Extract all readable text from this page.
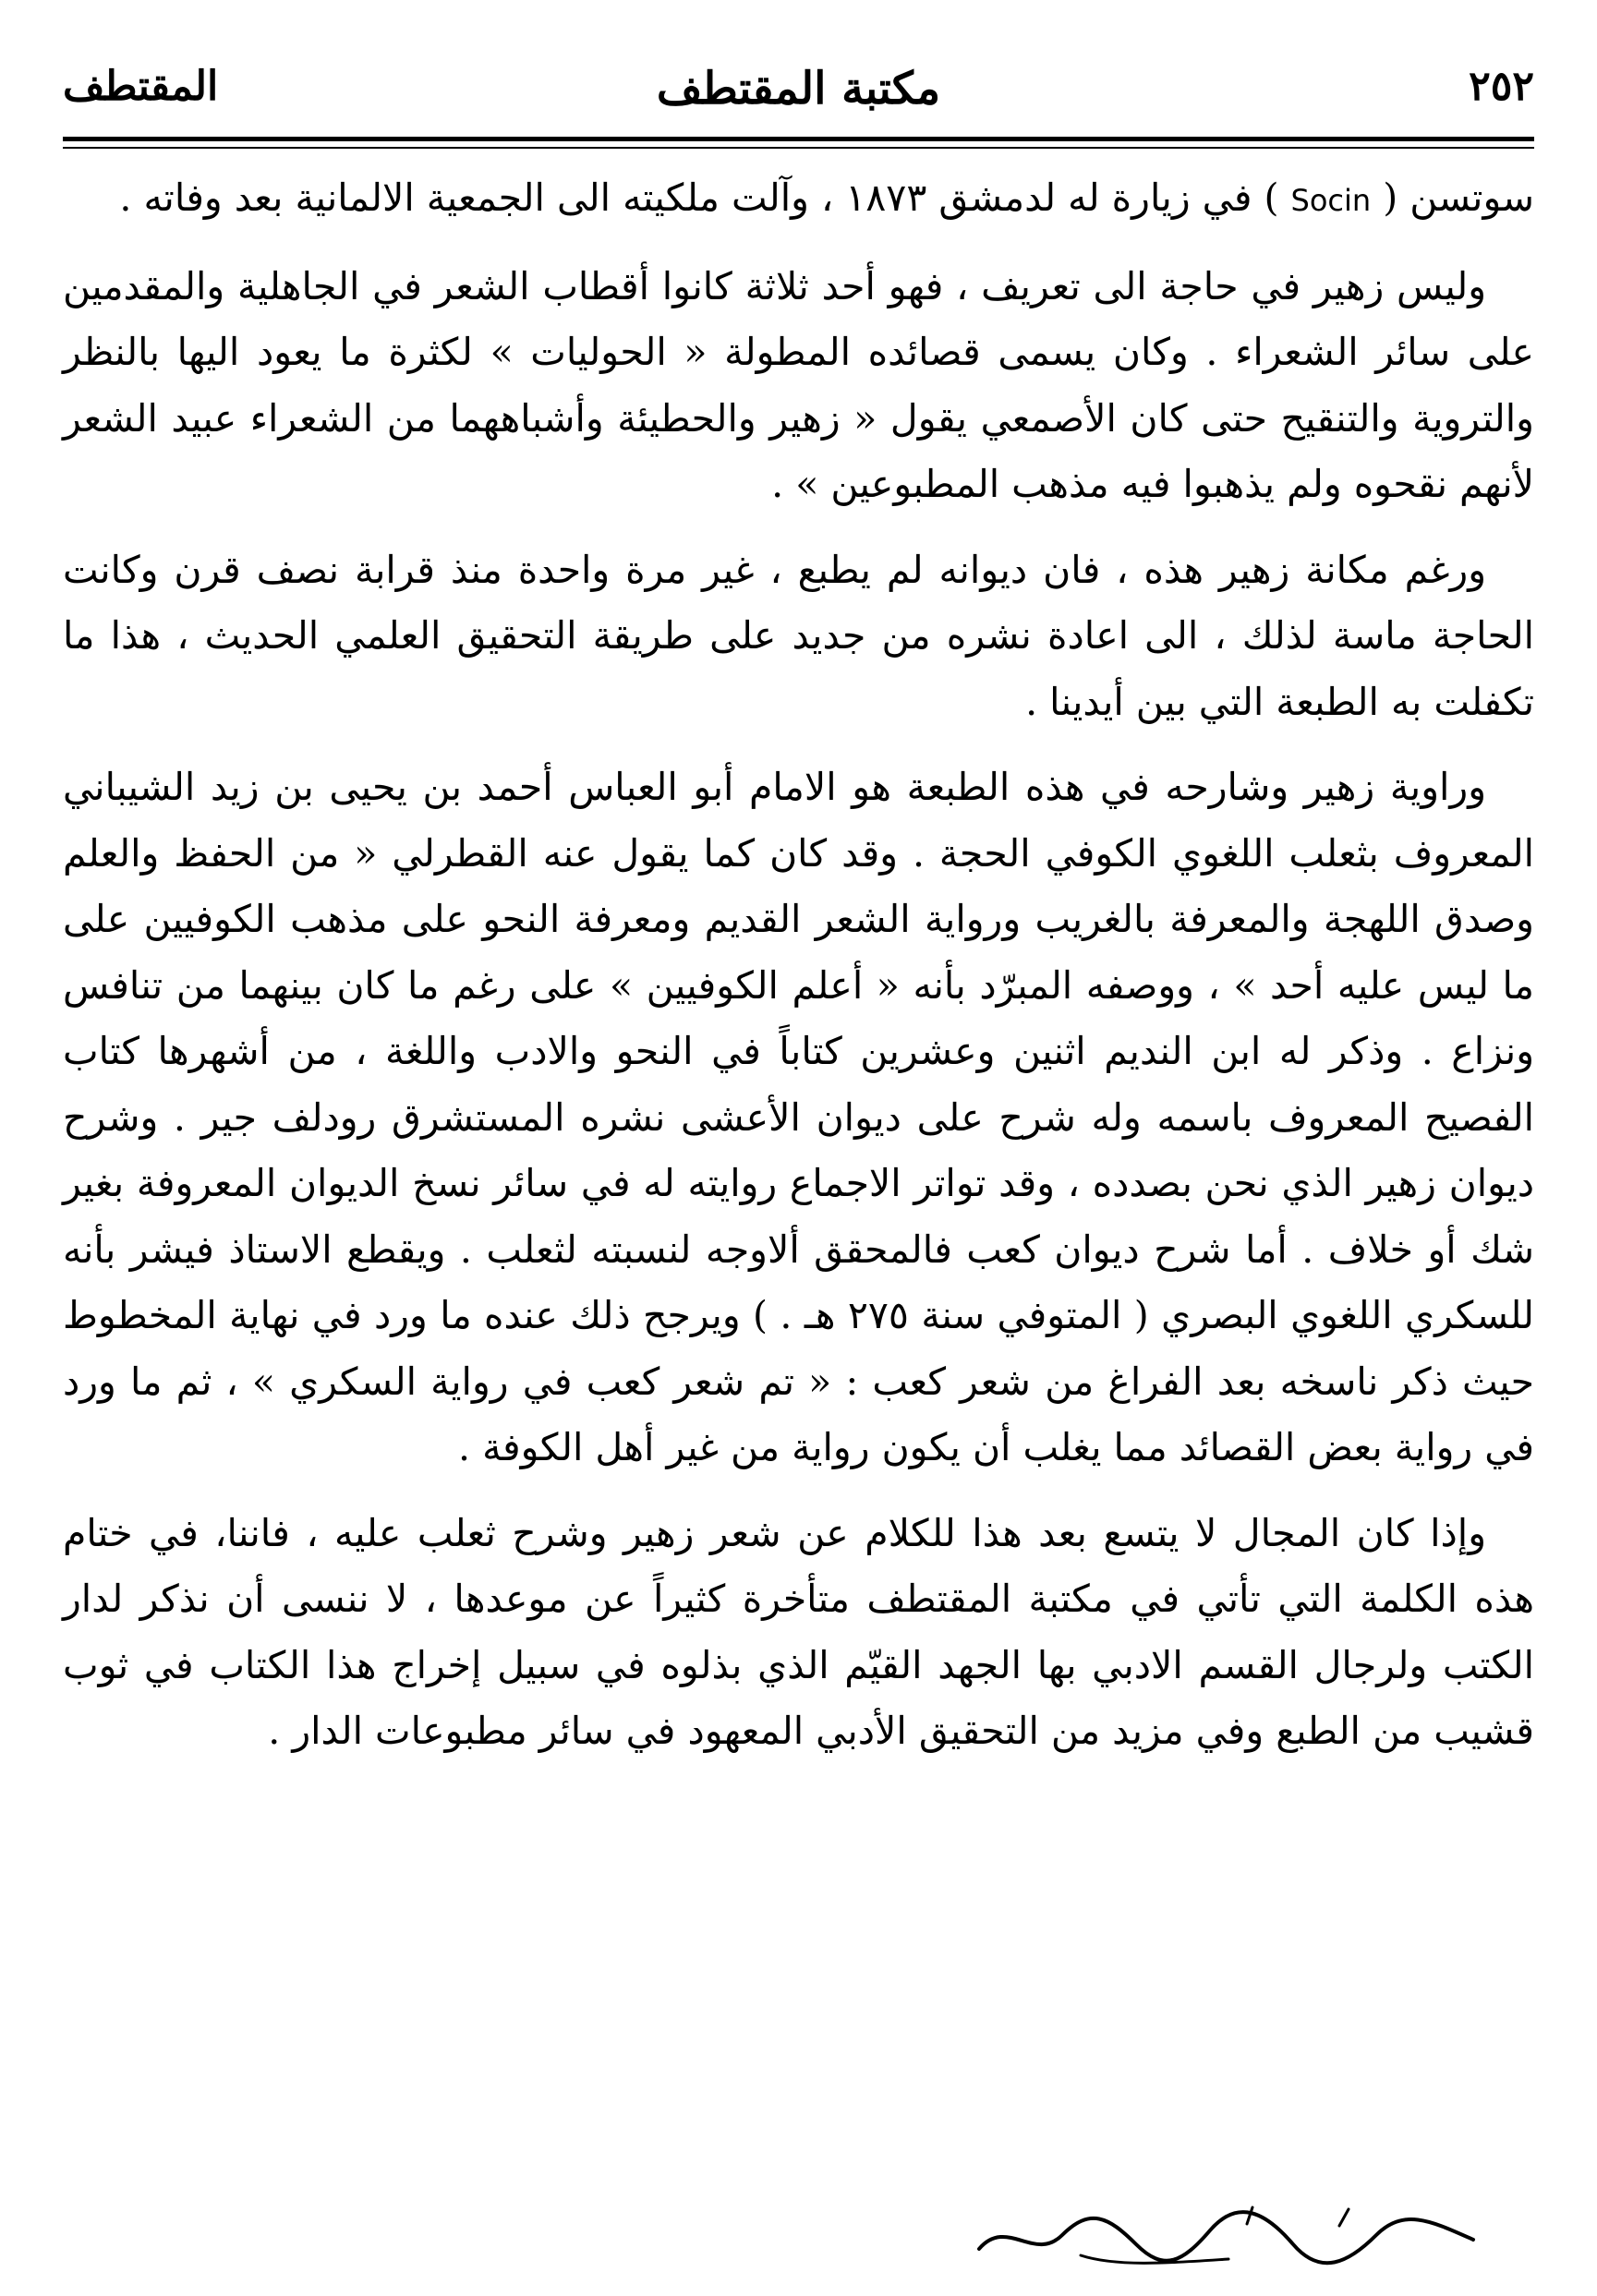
٢٥٢
مكتبة المقتطف
المقتطف

سوتسن ( Socin ) في زيارة له لدمشق ١٨٧٣ ، وآلت ملكيته الى الجمعية الالمانية بعد وفاته .

وليس زهير في حاجة الى تعريف ، فهو أحد ثلاثة كانوا أقطاب الشعر في الجاهلية والمقدمين على سائر الشعراء . وكان يسمى قصائده المطولة « الحوليات » لكثرة ما يعود اليها بالنظر والتروية والتنقيح حتى كان الأصمعي يقول « زهير والحطيئة وأشباههما من الشعراء عبيد الشعر لأنهم نقحوه ولم يذهبوا فيه مذهب المطبوعين » .

ورغم مكانة زهير هذه ، فان ديوانه لم يطبع ، غير مرة واحدة منذ قرابة نصف قرن وكانت الحاجة ماسة لذلك ، الى اعادة نشره من جديد على طريقة التحقيق العلمي الحديث ، هذا ما تكفلت به الطبعة التي بين أيدينا .

وراوية زهير وشارحه في هذه الطبعة هو الامام أبو العباس أحمد بن يحيى بن زيد الشيباني المعروف بثعلب اللغوي الكوفي الحجة . وقد كان كما يقول عنه القطرلي « من الحفظ والعلم وصدق اللهجة والمعرفة بالغريب ورواية الشعر القديم ومعرفة النحو على مذهب الكوفيين على ما ليس عليه أحد » ، ووصفه المبرّد بأنه « أعلم الكوفيين » على رغم ما كان بينهما من تنافس ونزاع . وذكر له ابن النديم اثنين وعشرين كتاباً في النحو والادب واللغة ، من أشهرها كتاب الفصيح المعروف باسمه وله شرح على ديوان الأعشى نشره المستشرق رودلف جير . وشرح ديوان زهير الذي نحن بصدده ، وقد تواتر الاجماع روايته له في سائر نسخ الديوان المعروفة بغير شك أو خلاف . أما شرح ديوان كعب فالمحقق ألاوجه لنسبته لثعلب . ويقطع الاستاذ فيشر بأنه للسكري اللغوي البصري ( المتوفي سنة ٢٧٥ هـ . ) ويرجح ذلك عنده ما ورد في نهاية المخطوط حيث ذكر ناسخه بعد الفراغ من شعر كعب : « تم شعر كعب في رواية السكري » ، ثم ما ورد في رواية بعض القصائد مما يغلب أن يكون رواية من غير أهل الكوفة .

وإذا كان المجال لا يتسع بعد هذا للكلام عن شعر زهير وشرح ثعلب عليه ، فاننا، في ختام هذه الكلمة التي تأتي في مكتبة المقتطف متأخرة كثيراً عن موعدها ، لا ننسى أن نذكر لدار الكتب ولرجال القسم الادبي بها الجهد القيّم الذي بذلوه في سبيل إخراج هذا الكتاب في ثوب قشيب من الطبع وفي مزيد من التحقيق الأدبي المعهود في سائر مطبوعات الدار .
